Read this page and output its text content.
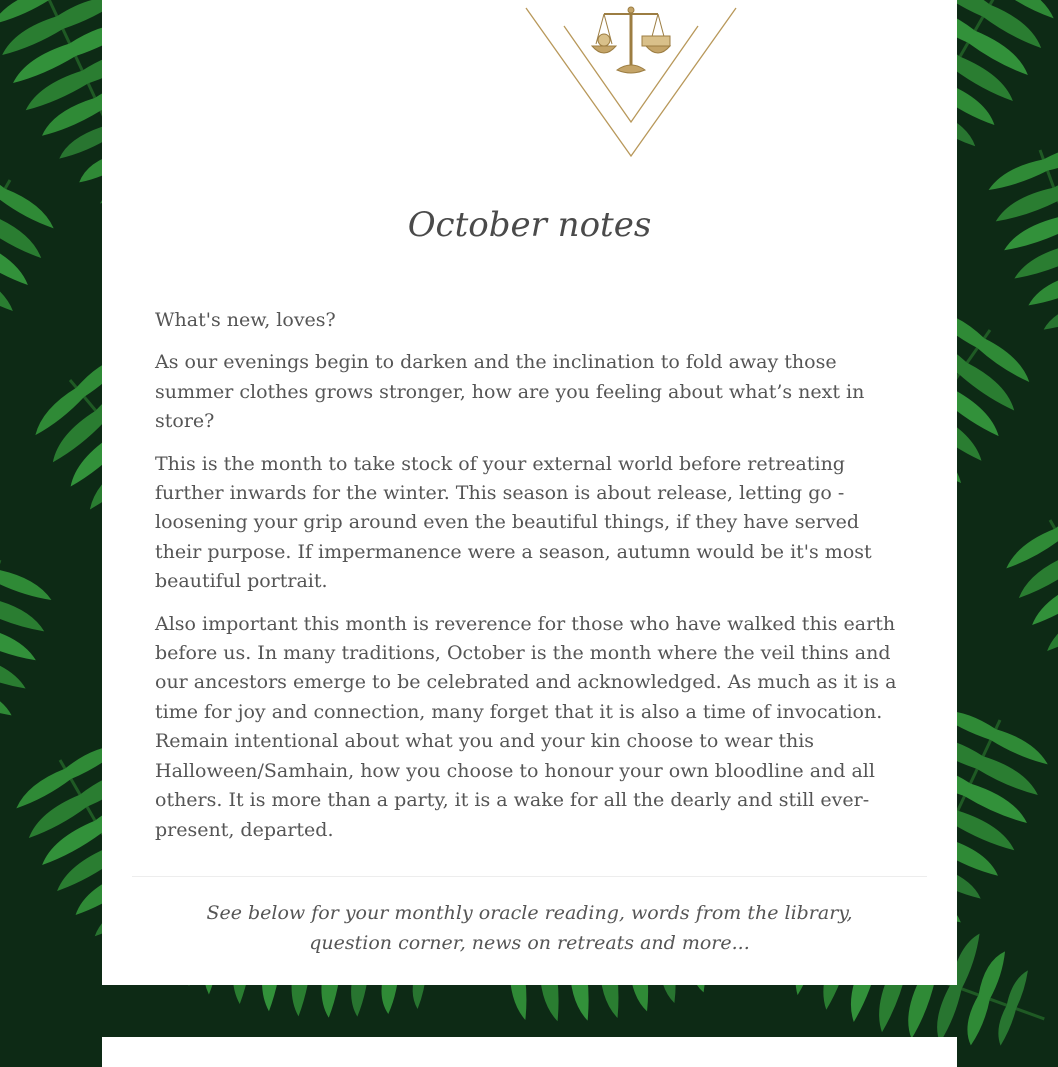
October notes

What's new, loves?

As our evenings begin to darken and the inclination to fold away those summer clothes grows stronger, how are you feeling about what’s next in store?

This is the month to take stock of your external world before retreating further inwards for the winter. This season is about release, letting go - loosening your grip around even the beautiful things, if they have served their purpose. If impermanence were a season, autumn would be it's most beautiful portrait.

Also important this month is reverence for those who have walked this earth before us. In many traditions, October is the month where the veil thins and our ancestors emerge to be celebrated and acknowledged. As much as it is a time for joy and connection, many forget that it is also a time of invocation. Remain intentional about what you and your kin choose to wear this Halloween/Samhain, how you choose to honour your own bloodline and all others. It is more than a party, it is a wake for all the dearly and still ever-present, departed.

See below for your monthly oracle reading, words from the library,
question corner, news on retreats and more...
